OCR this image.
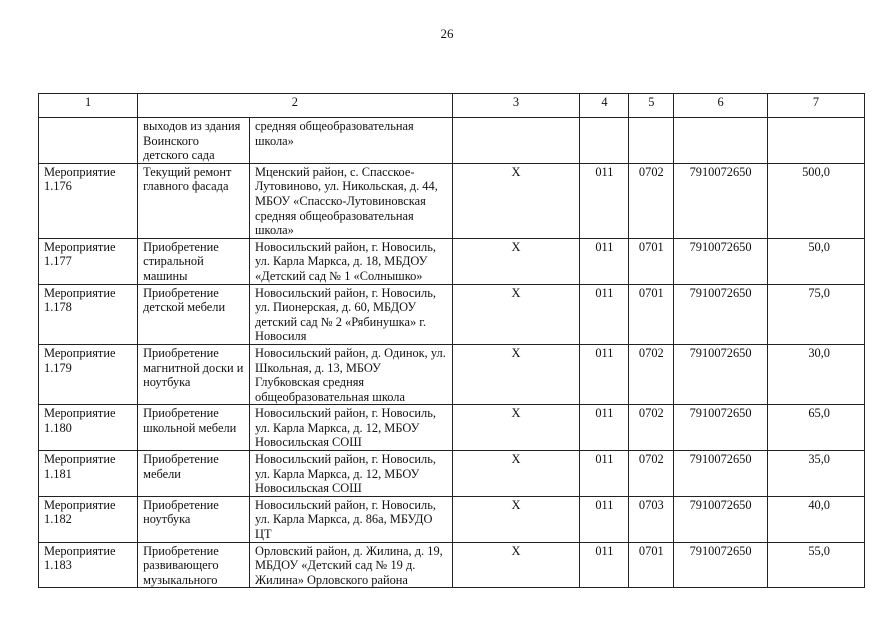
26
1	2		3	4	5	6	7
	выходов из здания Воинского детского сада	средняя общеобразовательная школа»					
Мероприятие 1.176	Текущий ремонт главного фасада	Мценский район, с. Спасское-Лутовиново, ул. Никольская, д. 44, МБОУ «Спасско-Лутовиновская средняя общеобразовательная школа»	Х	011	0702	7910072650	500,0
Мероприятие 1.177	Приобретение стиральной машины	Новосильский район, г. Новосиль, ул. Карла Маркса, д. 18, МБДОУ «Детский сад № 1 «Солнышко»	Х	011	0701	7910072650	50,0
Мероприятие 1.178	Приобретение детской мебели	Новосильский район, г. Новосиль, ул. Пионерская, д. 60, МБДОУ детский сад № 2 «Рябинушка» г. Новосиля	Х	011	0701	7910072650	75,0
Мероприятие 1.179	Приобретение магнитной доски и ноутбука	Новосильский район, д. Одинок, ул. Школьная, д. 13, МБОУ Глубковская средняя общеобразовательная школа	Х	011	0702	7910072650	30,0
Мероприятие 1.180	Приобретение школьной мебели	Новосильский район, г. Новосиль, ул. Карла Маркса, д. 12, МБОУ Новосильская СОШ	Х	011	0702	7910072650	65,0
Мероприятие 1.181	Приобретение мебели	Новосильский район, г. Новосиль, ул. Карла Маркса, д. 12, МБОУ Новосильская СОШ	Х	011	0702	7910072650	35,0
Мероприятие 1.182	Приобретение ноутбука	Новосильский район, г. Новосиль, ул. Карла Маркса, д. 86а, МБУДО ЦТ	Х	011	0703	7910072650	40,0
Мероприятие 1.183	Приобретение развивающего музыкального	Орловский район, д. Жилина, д. 19, МБДОУ «Детский сад № 19 д. Жилина» Орловского района	Х	011	0701	7910072650	55,0
